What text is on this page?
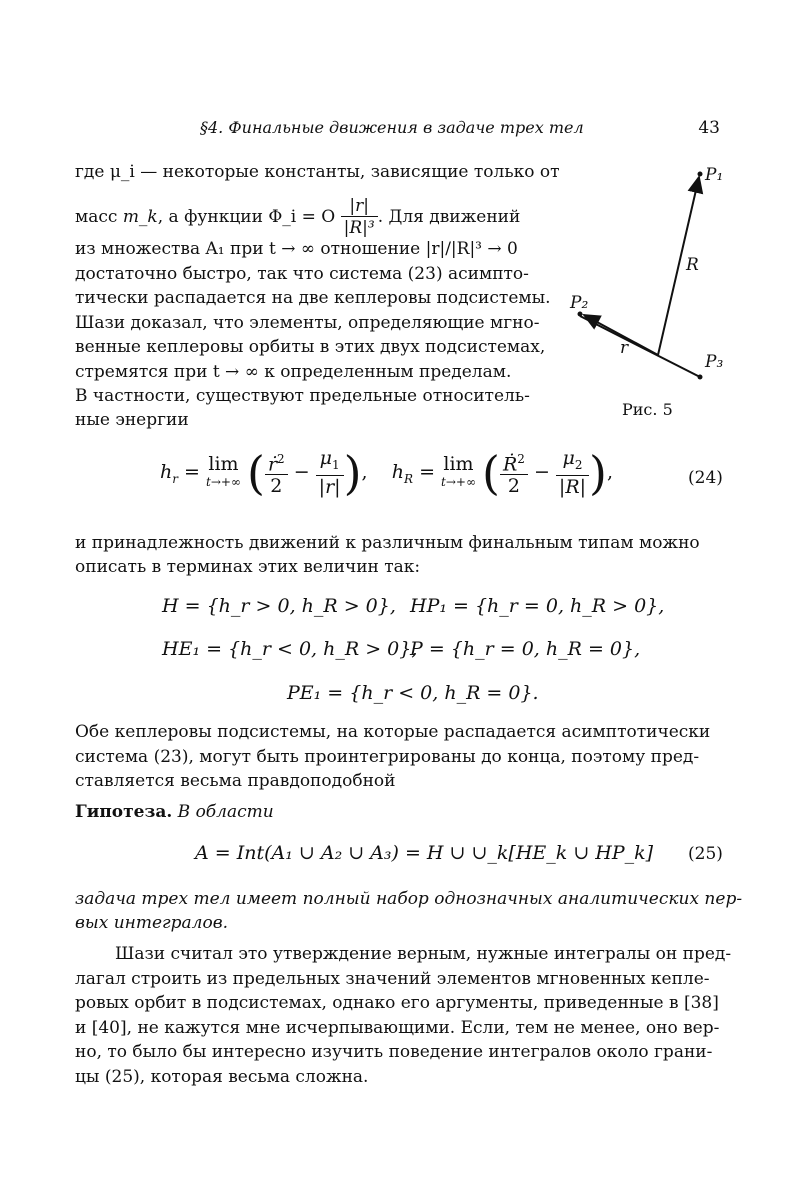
§4. Финальные движения в задаче трех тел	43
где μ_i — некоторые константы, зависящие только от
масс m_k, а функции Φ_i = O $\frac{|r|}{\text{|R|³}}$ . Для движений
из множества A₁ при t → ∞ отношение |r|/|R|³ → 0
достаточно быстро, так что система (23) асимпто-
тически распадается на две кеплеровы подсистемы.
Шази доказал, что элементы, определяющие мгно-
венные кеплеровы орбиты в этих двух подсистемах,
стремятся при t → ∞ к определенным пределам.
В частности, существуют предельные относитель-
ные энергии
P₁
P₂
P₃
R
r
Рис. 5
$h_r = \lim$
t→+∞ ( $\frac{ṙ^2}{2} - \frac{\mu_1}{|r|}$ ),    $h_R = \lim$
t→+∞ ( $\frac{Ṙ^2}{2} - \frac{\mu_2}{|R|}$ ),	(24)
и принадлежность движений к различным финальным типам можно
описать в терминах этих величин так:
H = {h_r > 0, h_R > 0}, HP₁ = {h_r = 0, h_R > 0},
HE₁ = {h_r < 0, h_R > 0},
P = {h_r = 0, h_R = 0},
PE₁ = {h_r < 0, h_R = 0}.
Обе кеплеровы подсистемы, на которые распадается асимптотически
система (23), могут быть проинтегрированы до конца, поэтому пред-
ставляется весьма правдоподобной
Гипотеза. В области
A = Int(A₁ ∪ A₂ ∪ A₃) = H ∪ ∪_k[HE_k ∪ HP_k] (25)
задача трех тел имеет полный набор однозначных аналитических пер-
вых интегралов.
Шази считал это утверждение верным, нужные интегралы он пред-
лагал строить из предельных значений элементов мгновенных кепле-
ровых орбит в подсистемах, однако его аргументы, приведенные в [38]
и [40], не кажутся мне исчерпывающими. Если, тем не менее, оно вер-
но, то было бы интересно изучить поведение интегралов около грани-
цы (25), которая весьма сложна.
